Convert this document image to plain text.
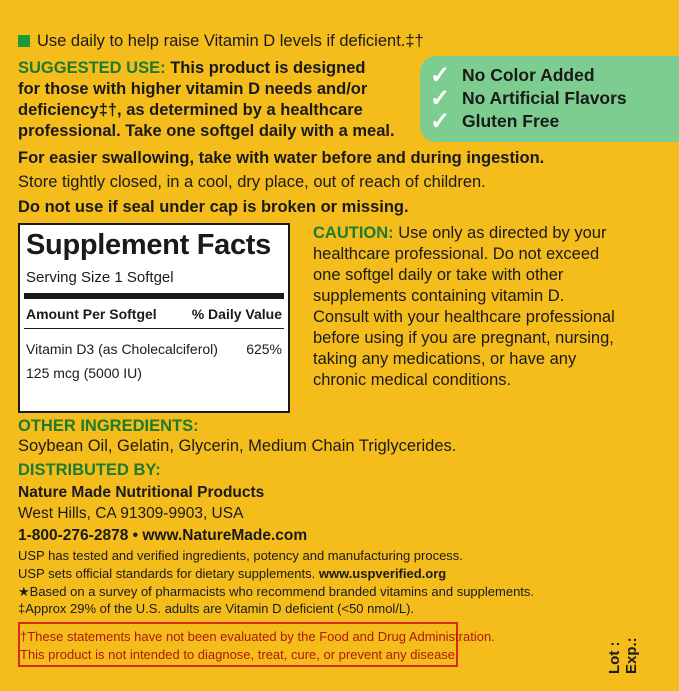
Use daily to help raise Vitamin D levels if deficient.‡†
SUGGESTED USE: This product is designed
for those with higher vitamin D needs and/or
deficiency‡†, as determined by a healthcare
professional. Take one softgel daily with a meal.
✓ No Color Added
✓ No Artificial Flavors
✓ Gluten Free
For easier swallowing, take with water before and during ingestion.
Store tightly closed, in a cool, dry place, out of reach of children.
Do not use if seal under cap is broken or missing.
Supplement Facts
Serving Size 1 Softgel
Amount Per Softgel	% Daily Value
Vitamin D3 (as Cholecalciferol) 625%
125 mcg (5000 IU)
CAUTION: Use only as directed by your
healthcare professional. Do not exceed
one softgel daily or take with other
supplements containing vitamin D.
Consult with your healthcare professional
before using if you are pregnant, nursing,
taking any medications, or have any
chronic medical conditions.
OTHER INGREDIENTS:
Soybean Oil, Gelatin, Glycerin, Medium Chain Triglycerides.
DISTRIBUTED BY:
Nature Made Nutritional Products
West Hills, CA 91309-9903, USA
1-800-276-2878 • www.NatureMade.com
USP has tested and verified ingredients, potency and manufacturing process.
USP sets official standards for dietary supplements. www.uspverified.org
★Based on a survey of pharmacists who recommend branded vitamins and supplements.
‡Approx 29% of the U.S. adults are Vitamin D deficient (<50 nmol/L).
†These statements have not been evaluated by the Food and Drug Administration.
This product is not intended to diagnose, treat, cure, or prevent any disease.	Lot : Exp.:
